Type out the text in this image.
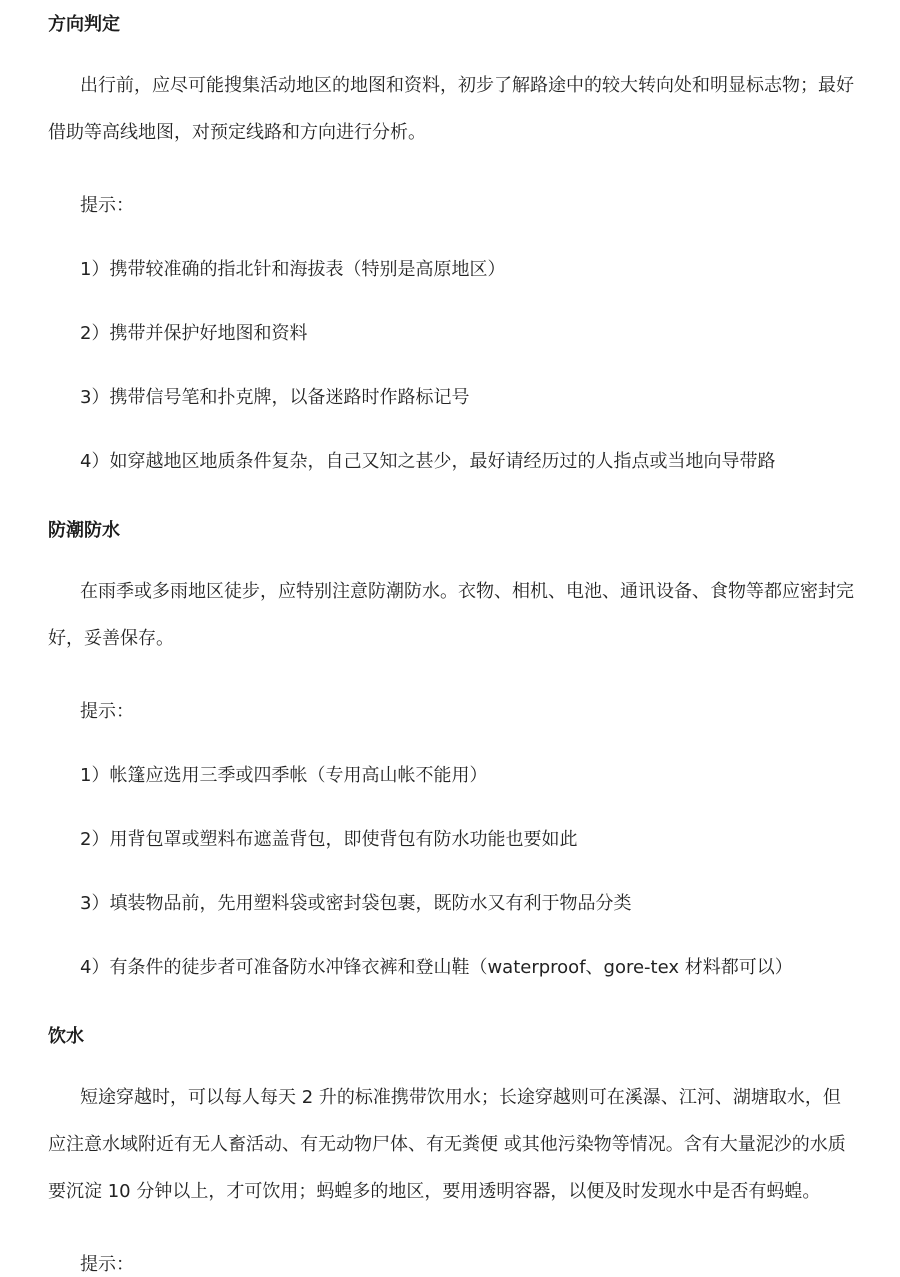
方向判定

出行前，应尽可能搜集活动地区的地图和资料，初步了解路途中的较大转向处和明显标志物；最好借助等高线地图，对预定线路和方向进行分析。

提示：
1）携带较准确的指北针和海拔表（特别是高原地区）
2）携带并保护好地图和资料
3）携带信号笔和扑克牌，以备迷路时作路标记号
4）如穿越地区地质条件复杂，自己又知之甚少，最好请经历过的人指点或当地向导带路
防潮防水

在雨季或多雨地区徒步，应特别注意防潮防水。衣物、相机、电池、通讯设备、食物等都应密封完好，妥善保存。

提示：
1）帐篷应选用三季或四季帐（专用高山帐不能用）
2）用背包罩或塑料布遮盖背包，即使背包有防水功能也要如此
3）填装物品前，先用塑料袋或密封袋包裹，既防水又有利于物品分类
4）有条件的徒步者可准备防水冲锋衣裤和登山鞋（waterproof、gore-tex 材料都可以）
饮水

短途穿越时，可以每人每天 2 升的标准携带饮用水；长途穿越则可在溪瀑、江河、湖塘取水，但应注意水域附近有无人畜活动、有无动物尸体、有无粪便 或其他污染物等情况。含有大量泥沙的水质要沉淀 10 分钟以上，才可饮用；蚂蝗多的地区，要用透明容器，以便及时发现水中是否有蚂蝗。

提示：
